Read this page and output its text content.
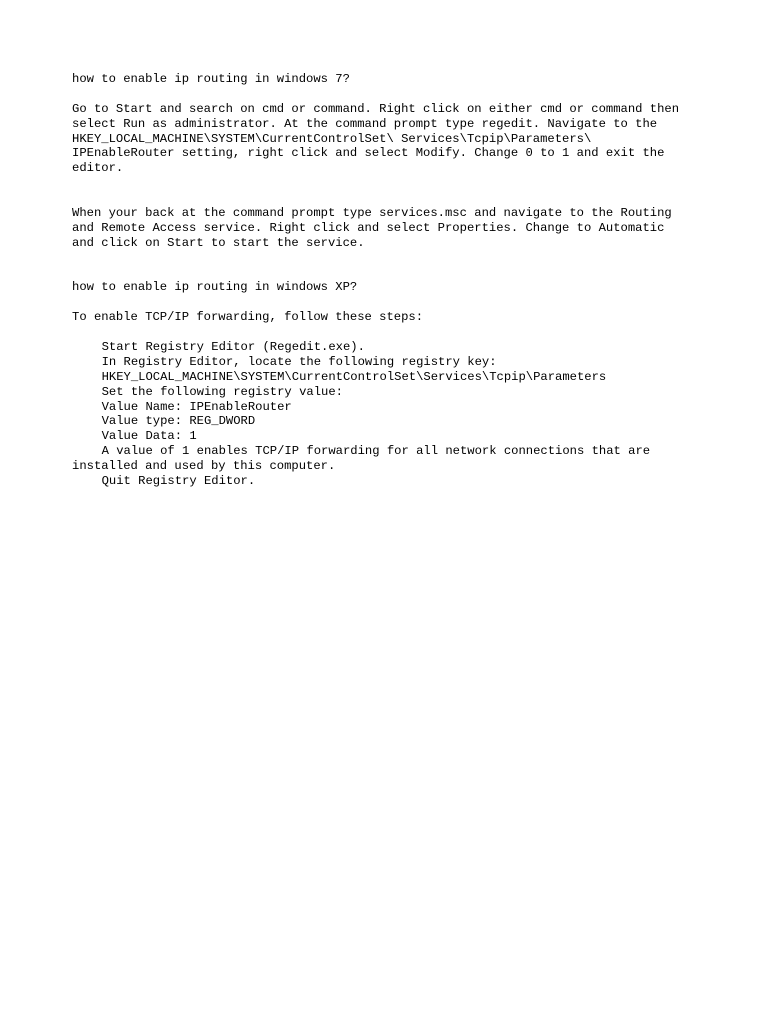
how to enable ip routing in windows 7?
Go to Start and search on cmd or command. Right click on either cmd or command then
select Run as administrator. At the command prompt type regedit. Navigate to the
HKEY_LOCAL_MACHINE\SYSTEM\CurrentControlSet\ Services\Tcpip\Parameters\
IPEnableRouter setting, right click and select Modify. Change 0 to 1 and exit the
editor.
When your back at the command prompt type services.msc and navigate to the Routing
and Remote Access service. Right click and select Properties. Change to Automatic
and click on Start to start the service.
how to enable ip routing in windows XP?
To enable TCP/IP forwarding, follow these steps:
Start Registry Editor (Regedit.exe).
In Registry Editor, locate the following registry key:
HKEY_LOCAL_MACHINE\SYSTEM\CurrentControlSet\Services\Tcpip\Parameters
Set the following registry value:
Value Name: IPEnableRouter
Value type: REG_DWORD
Value Data: 1
A value of 1 enables TCP/IP forwarding for all network connections that are
installed and used by this computer.
Quit Registry Editor.
